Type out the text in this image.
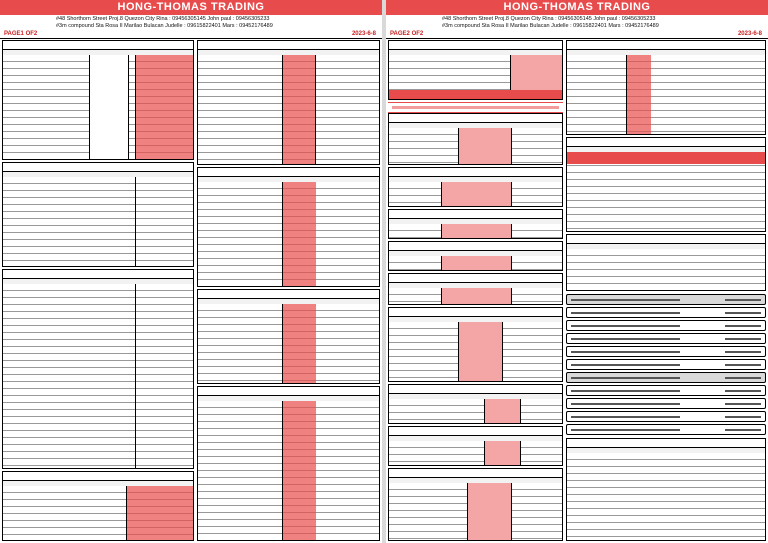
HONG-THOMAS TRADING
#48 Shorthorn Street Proj.8 Quezon City Rina : 09456305145 John paul : 09456305233
#3m compound Sta Rosa II Marilao Bulacan Judelle : 09615822401 Mars : 09452176489
PAGE1 OF2	2023-6-8
HONG-THOMAS TRADING
#48 Shorthorn Street Proj.8 Quezon City Rina : 09456305145 John paul : 09456305233
#3m compound Sta Rosa II Marilao Bulacan Judelle : 09615822401 Mars : 09452176489
PAGE2 OF2	2023-6-8
